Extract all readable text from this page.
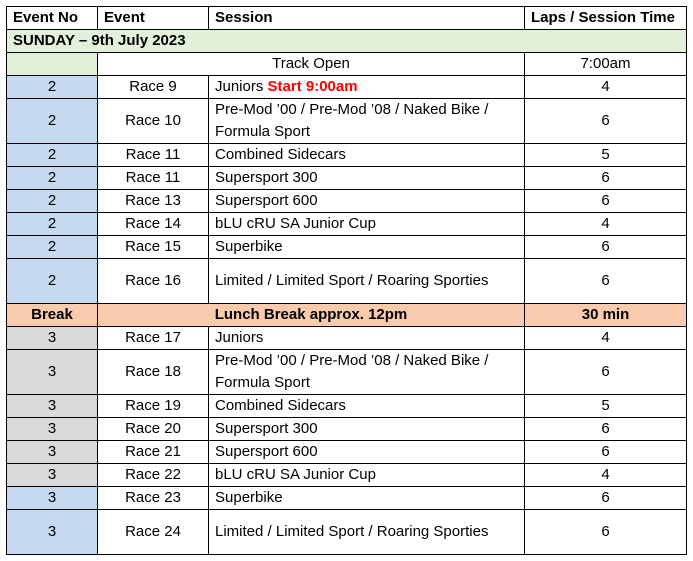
Event No	Event	Session	Laps / Session Time
SUNDAY – 9th July 2023			
	Track Open		7:00am
2	Race 9	Juniors Start 9:00am	4
2	Race 10	Pre-Mod ’00 / Pre-Mod ’08 / Naked Bike / Formula Sport	6
2	Race 11	Combined Sidecars	5
2	Race 11	Supersport 300	6
2	Race 13	Supersport 600	6
2	Race 14	bLU cRU SA Junior Cup	4
2	Race 15	Superbike	6
2	Race 16	Limited / Limited Sport / Roaring Sporties	6
Break	Lunch Break approx. 12pm		30 min
3	Race 17	Juniors	4
3	Race 18	Pre-Mod ’00 / Pre-Mod ’08 / Naked Bike / Formula Sport	6
3	Race 19	Combined Sidecars	5
3	Race 20	Supersport 300	6
3	Race 21	Supersport 600	6
3	Race 22	bLU cRU SA Junior Cup	4
3	Race 23	Superbike	6
3	Race 24	Limited / Limited Sport / Roaring Sporties	6
